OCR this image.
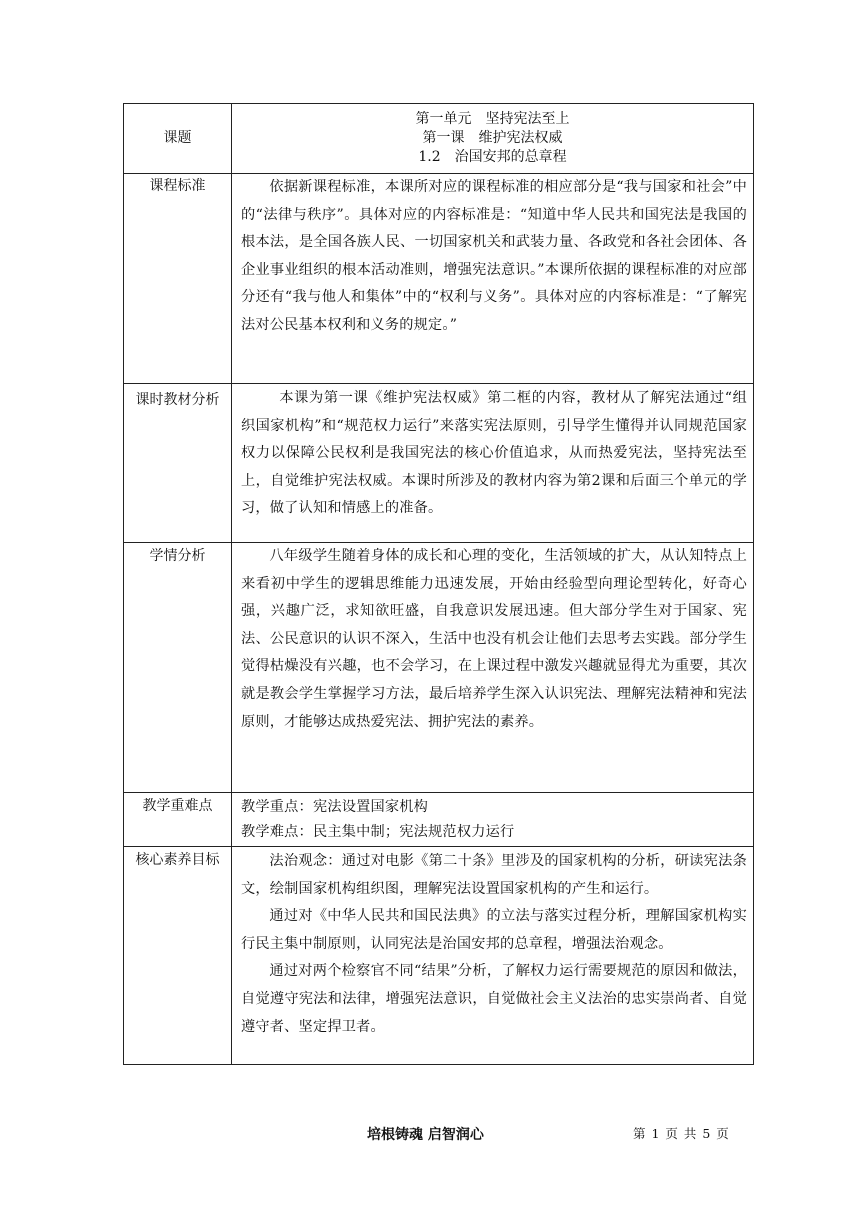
课题	第一单元　坚持宪法至上
第一课　维护宪法权威
1.2　治国安邦的总章程

课程标准	依据新课程标准，本课所对应的课程标准的相应部分是“我与国家和社会”中的“法律与秩序”。具体对应的内容标准是：“知道中华人民共和国宪法是我国的根本法，是全国各族人民、一切国家机关和武装力量、各政党和各社会团体、各企业事业组织的根本活动准则，增强宪法意识。”本课所依据的课程标准的对应部分还有“我与他人和集体”中的“权利与义务”。具体对应的内容标准是：“了解宪法对公民基本权利和义务的规定。”

课时教材分析	本课为第一课《维护宪法权威》第二框的内容，教材从了解宪法通过“组织国家机构”和“规范权力运行”来落实宪法原则，引导学生懂得并认同规范国家权力以保障公民权利是我国宪法的核心价值追求，从而热爱宪法，坚持宪法至上，自觉维护宪法权威。本课时所涉及的教材内容为第2课和后面三个单元的学习，做了认知和情感上的准备。

学情分析	八年级学生随着身体的成长和心理的变化，生活领域的扩大，从认知特点上来看初中学生的逻辑思维能力迅速发展，开始由经验型向理论型转化，好奇心强，兴趣广泛，求知欲旺盛，自我意识发展迅速。但大部分学生对于国家、宪法、公民意识的认识不深入，生活中也没有机会让他们去思考去实践。部分学生觉得枯燥没有兴趣，也不会学习，在上课过程中激发兴趣就显得尤为重要，其次就是教会学生掌握学习方法，最后培养学生深入认识宪法、理解宪法精神和宪法原则，才能够达成热爱宪法、拥护宪法的素养。

教学重难点	教学重点：宪法设置国家机构

教学难点：民主集中制；宪法规范权力运行

核心素养目标	法治观念：通过对电影《第二十条》里涉及的国家机构的分析，研读宪法条文，绘制国家机构组织图，理解宪法设置国家机构的产生和运行。

通过对《中华人民共和国民法典》的立法与落实过程分析，理解国家机构实行民主集中制原则，认同宪法是治国安邦的总章程，增强法治观念。

通过对两个检察官不同“结果”分析，了解权力运行需要规范的原因和做法，自觉遵守宪法和法律，增强宪法意识，自觉做社会主义法治的忠实崇尚者、自觉遵守者、坚定捍卫者。

培根铸魂 启智润心	第 1 页 共 5 页
